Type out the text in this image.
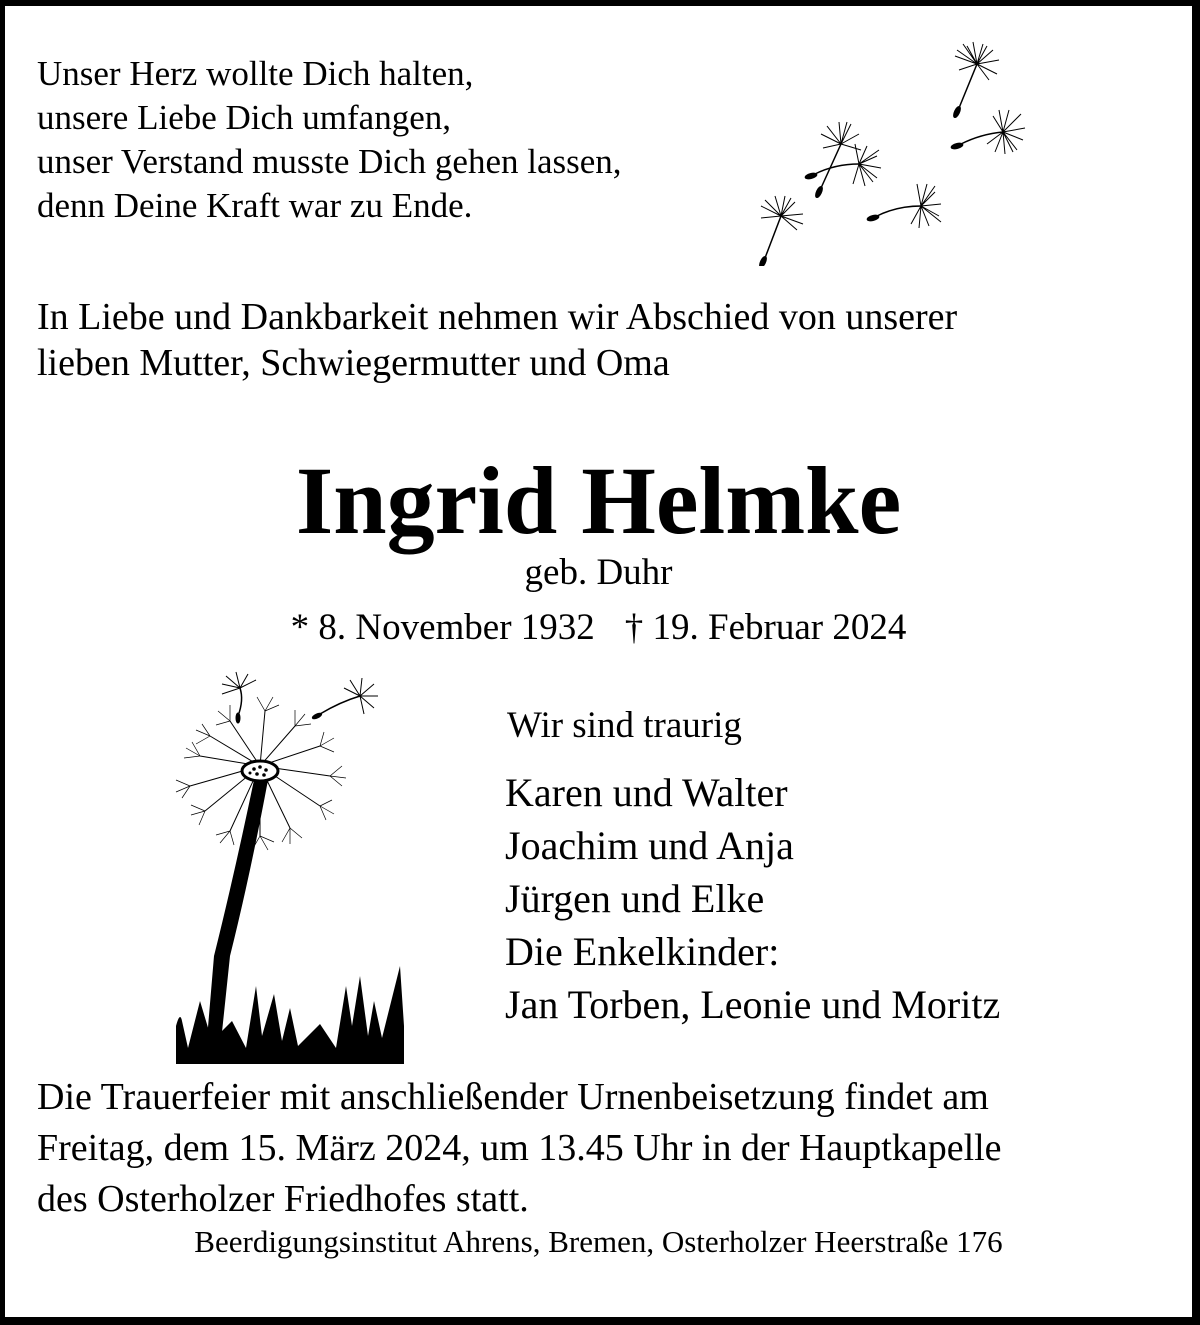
Unser Herz wollte Dich halten,
unsere Liebe Dich umfangen,
unser Verstand musste Dich gehen lassen,
denn Deine Kraft war zu Ende.
In Liebe und Dankbarkeit nehmen wir Abschied von unserer
lieben Mutter, Schwiegermutter und Oma
Ingrid Helmke
geb. Duhr
* 8. November 1932 † 19. Februar 2024
Wir sind traurig
Karen und Walter
Joachim und Anja
Jürgen und Elke
Die Enkelkinder:
Jan Torben, Leonie und Moritz
Die Trauerfeier mit anschließender Urnenbeisetzung findet am
Freitag, dem 15. März 2024, um 13.45 Uhr in der Hauptkapelle
des Osterholzer Friedhofes statt.
Beerdigungsinstitut Ahrens, Bremen, Osterholzer Heerstraße 176
